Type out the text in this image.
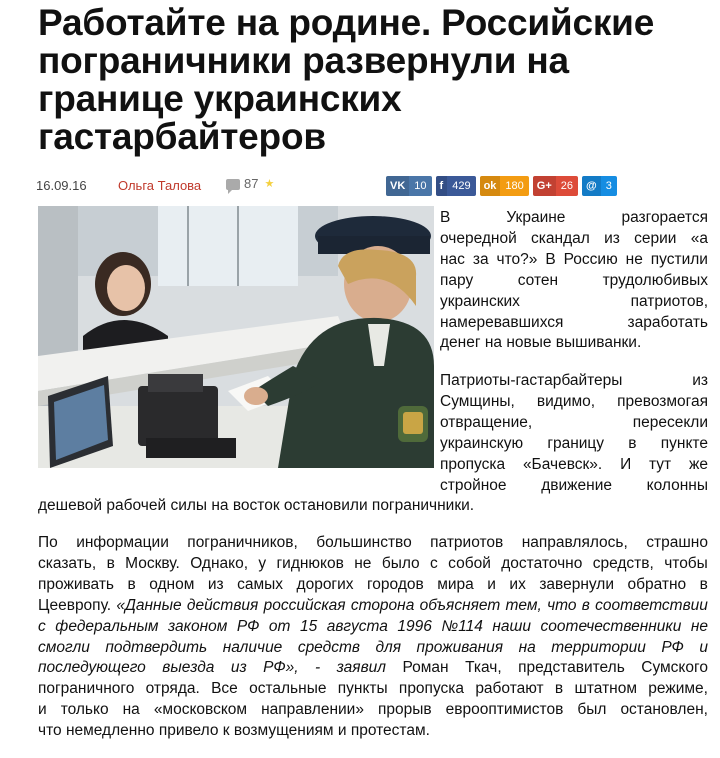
Работайте на родине. Российские пограничники развернули на границе украинских гастарбайтеров
16.09.16 Ольга Талова	87 ★	VK 10	f 429	ok 180	G+ 26	@ 3
В	Украине	разгорается
очередной скандал из серии «а
нас за что?» В Россию не пустили
пару	сотен	трудолюбивых
украинских	патриотов,
намеревавшихся	заработать
денег на новые вышиванки.
Патриоты-гастарбайтеры	из
Сумщины, видимо, превозмогая
отвращение,	пересекли
украинскую границу в пункте
пропуска «Бачевск». И тут же
стройное движение колонны
дешевой рабочей силы на восток остановили пограничники.
По информации пограничников, большинство патриотов направлялось, страшно
сказать, в Москву. Однако, у гиднюков не было с собой достаточно средств, чтобы
проживать в одном из самых дорогих городов мира и их завернули обратно в
Цеевропу. «Данные действия российская сторона объясняет тем, что в соответствии
с федеральным законом РФ от 15 августа 1996 №114 наши соотечественники не
смогли подтвердить наличие средств для проживания на территории РФ и
последующего выезда из РФ», - заявил Роман Ткач, представитель Сумского
пограничного отряда. Все остальные пункты пропуска работают в штатном режиме,
и только на «московском направлении» прорыв еврооптимистов был остановлен,
что немедленно привело к возмущениям и протестам.
